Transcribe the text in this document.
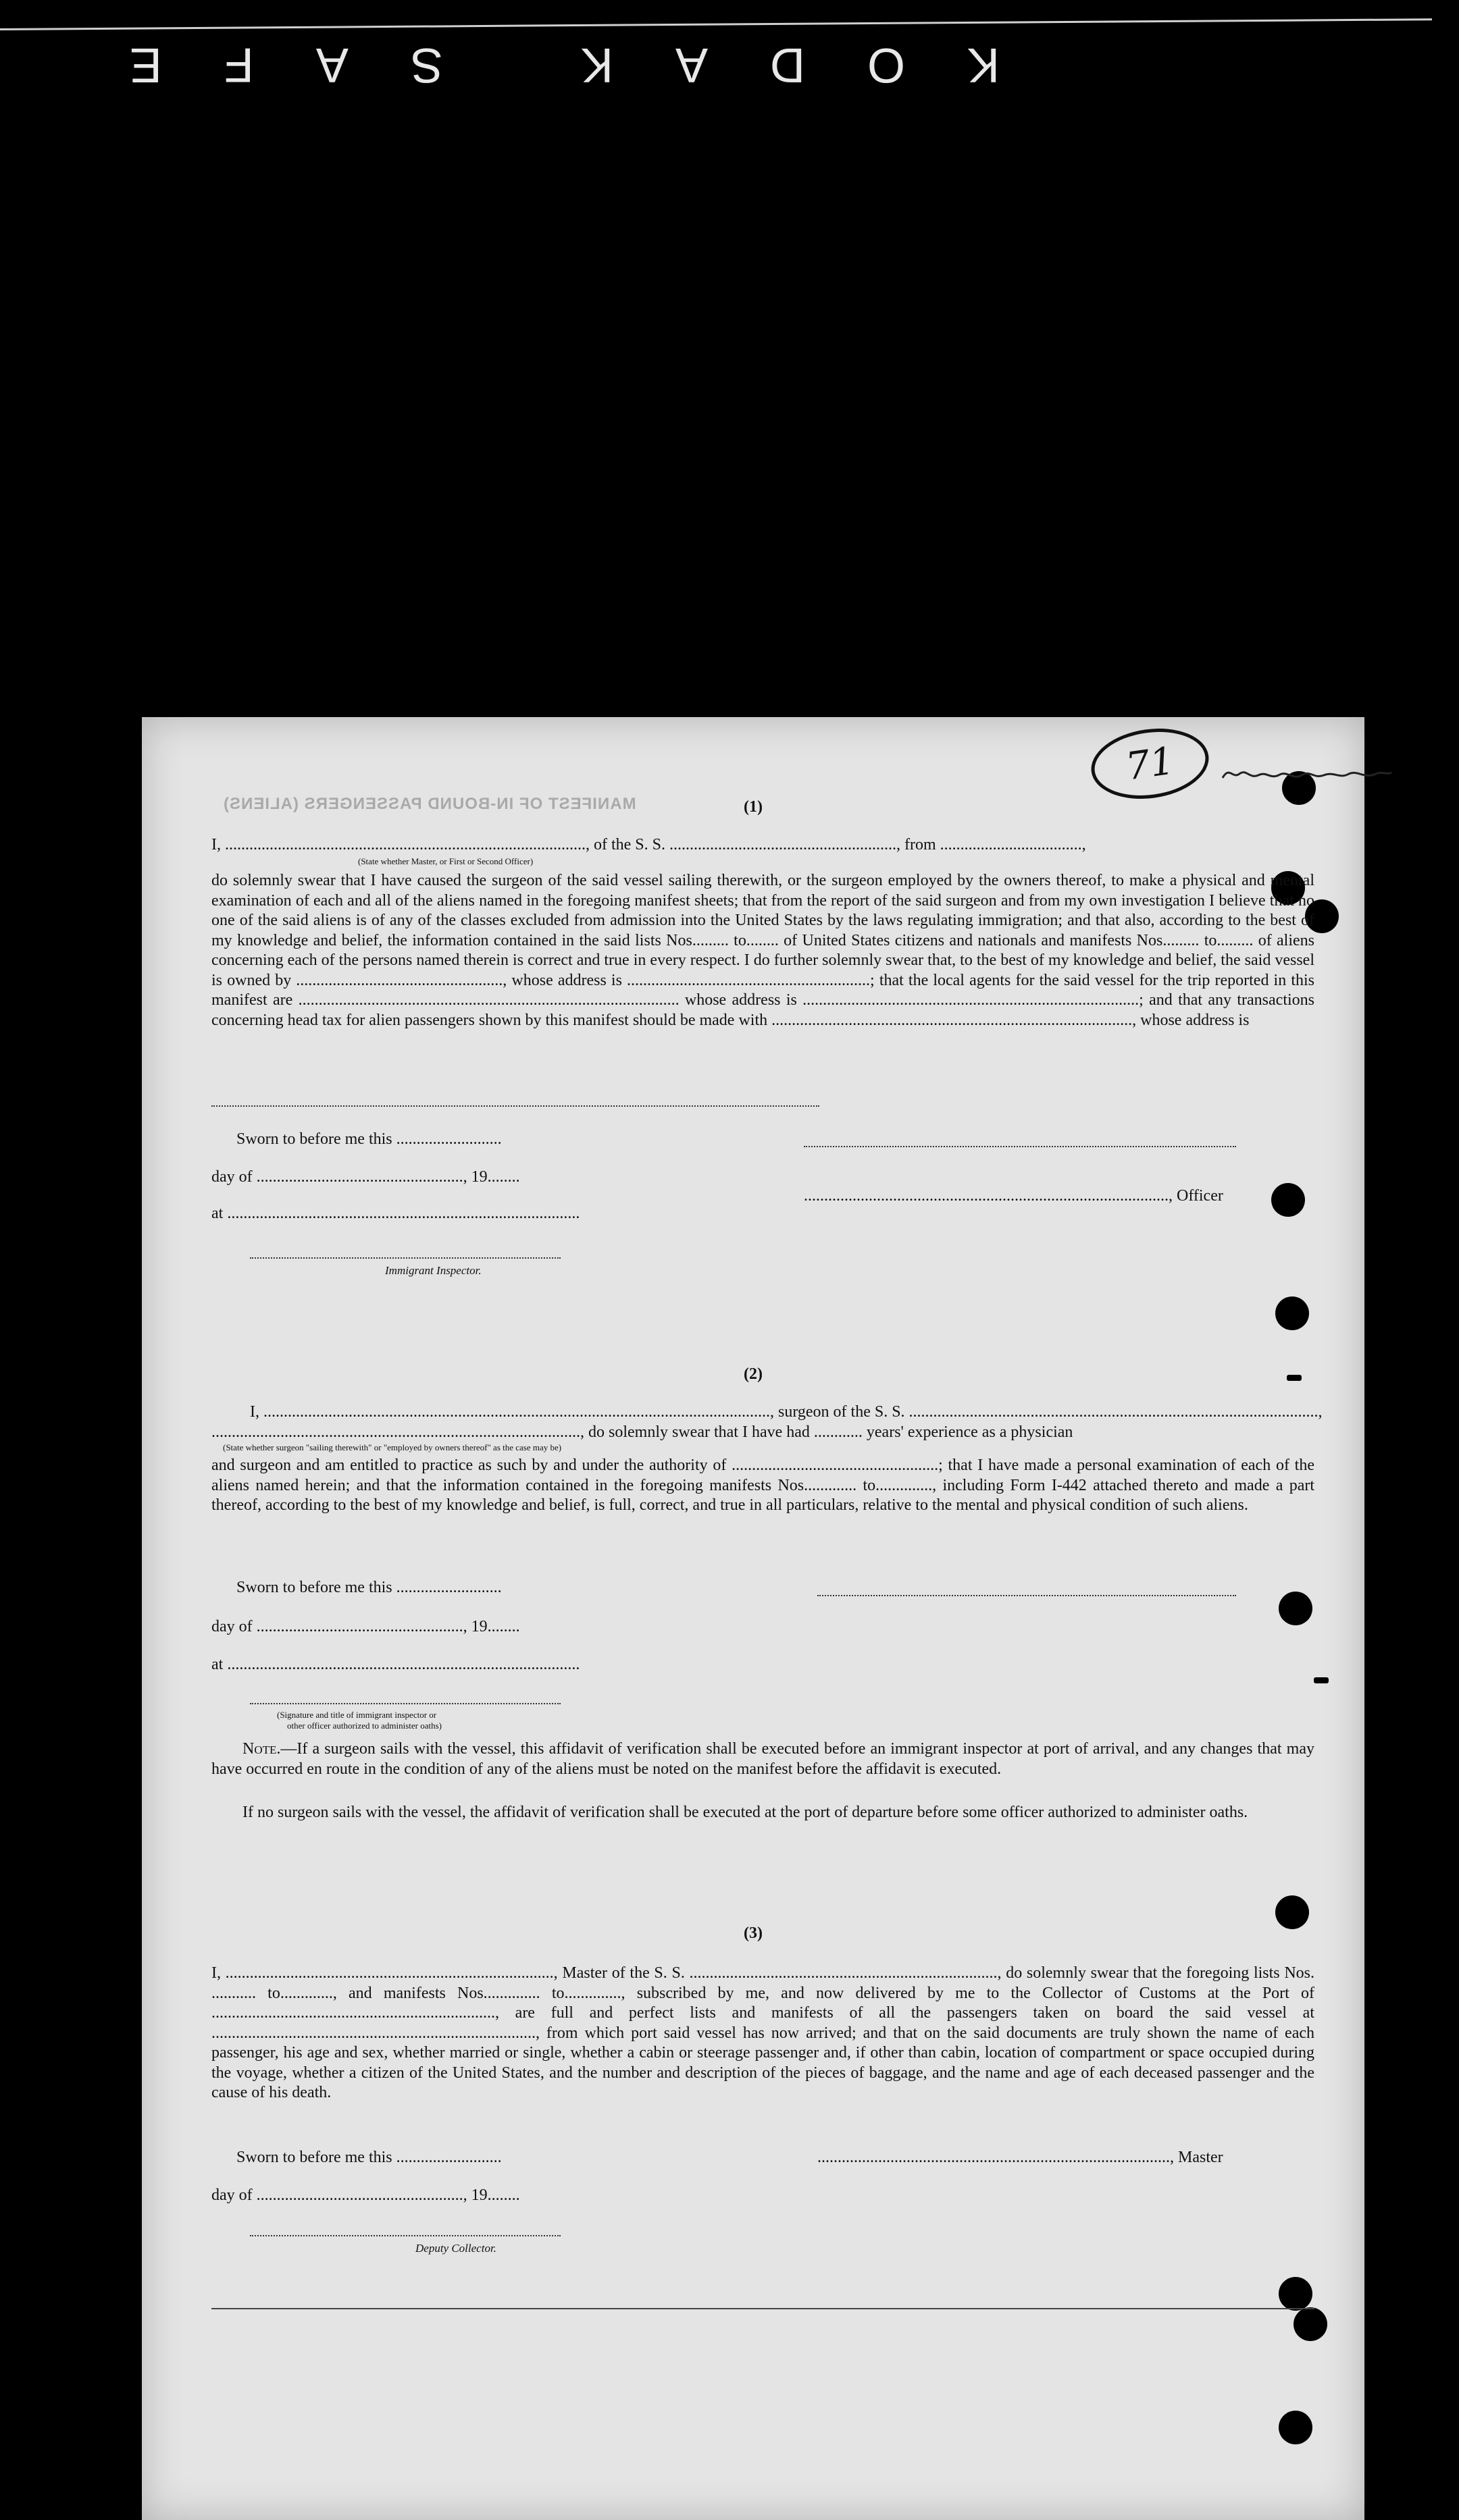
KODAK SAFE
71
MANIFEST OF IN-BOUND PASSENGERS (ALIENS)	(1)
I, ........................................................................................., of the S. S. ........................................................, from ...................................,
(State whether Master, or First or Second Officer)
do solemnly swear that I have caused the surgeon of the said vessel sailing therewith, or the surgeon employed by the owners thereof, to make a physical and mental examination of each and all of the aliens named in the foregoing manifest sheets; that from the report of the said surgeon and from my own investigation I believe that no one of the said aliens is of any of the classes excluded from admission into the United States by the laws regulating immigration; and that also, according to the best of my knowledge and belief, the information contained in the said lists Nos......... to........ of United States citizens and nationals and manifests Nos......... to......... of aliens concerning each of the persons named therein is correct and true in every respect. I do further solemnly swear that, to the best of my knowledge and belief, the said vessel is owned by ..................................................., whose address is ............................................................; that the local agents for the said vessel for the trip reported in this manifest are .............................................................................................. whose address is ...................................................................................; and that any transactions concerning head tax for alien passengers shown by this manifest should be made with ........................................................................................., whose address is
Sworn to before me this ..........................
day of ..................................................., 19........
.........................................................................................., Officer
at .......................................................................................
Immigrant Inspector.
(2)
I, ............................................................................................................................., surgeon of the S. S. .....................................................................................................,
..........................................................................................., do solemnly swear that I have had ............ years' experience as a physician
(State whether surgeon "sailing therewith" or "employed by owners thereof" as the case may be)
and surgeon and am entitled to practice as such by and under the authority of ...................................................; that I have made a personal examination of each of the aliens named herein; and that the information contained in the foregoing manifests Nos............. to.............., including Form I-442 attached thereto and made a part thereof, according to the best of my knowledge and belief, is full, correct, and true in all particulars, relative to the mental and physical condition of such aliens.
Sworn to before me this ..........................
day of ..................................................., 19........
at .......................................................................................
(Signature and title of immigrant inspector or
other officer authorized to administer oaths)
Note.—If a surgeon sails with the vessel, this affidavit of verification shall be executed before an immigrant inspector at port of arrival, and any changes that may have occurred en route in the condition of any of the aliens must be noted on the manifest before the affidavit is executed.
If no surgeon sails with the vessel, the affidavit of verification shall be executed at the port of departure before some officer authorized to administer oaths.
(3)
I, ................................................................................., Master of the S. S. ............................................................................, do solemnly swear that the foregoing lists Nos. ........... to............., and manifests Nos.............. to.............., subscribed by me, and now delivered by me to the Collector of Customs at the Port of ......................................................................, are full and perfect lists and manifests of all the passengers taken on board the said vessel at ................................................................................, from which port said vessel has now arrived; and that on the said documents are truly shown the name of each passenger, his age and sex, whether married or single, whether a cabin or steerage passenger and, if other than cabin, location of compartment or space occupied during the voyage, whether a citizen of the United States, and the number and description of the pieces of baggage, and the name and age of each deceased passenger and the cause of his death.
Sworn to before me this ..........................	......................................................................................., Master
day of ..................................................., 19........
Deputy Collector.
